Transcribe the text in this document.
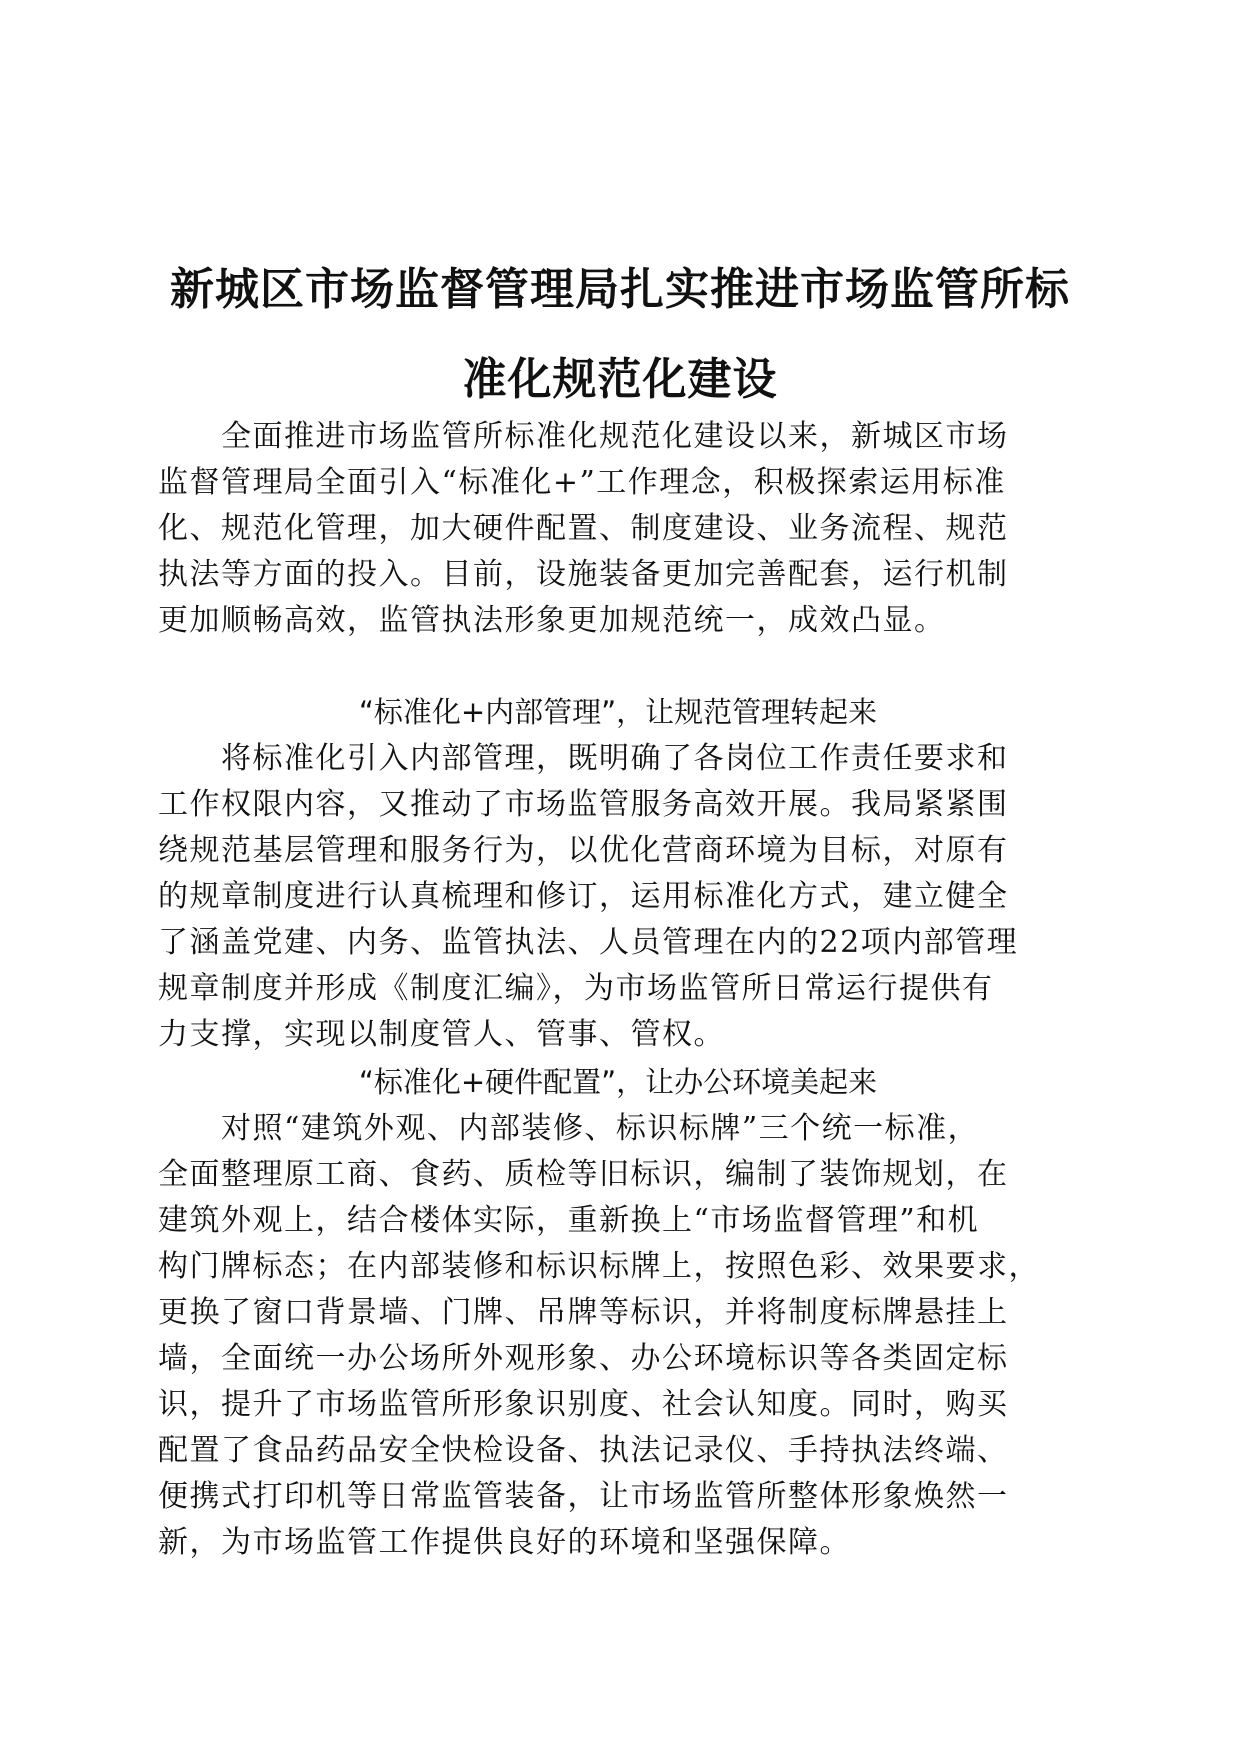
新城区市场监督管理局扎实推进市场监管所标
准化规范化建设
　　全面推进市场监管所标准化规范化建设以来，新城区市场
监督管理局全面引入“标准化+”工作理念，积极探索运用标准
化、规范化管理，加大硬件配置、制度建设、业务流程、规范
执法等方面的投入。目前，设施装备更加完善配套，运行机制
更加顺畅高效，监管执法形象更加规范统一，成效凸显。
“标准化+内部管理”，让规范管理转起来
　　将标准化引入内部管理，既明确了各岗位工作责任要求和
工作权限内容，又推动了市场监管服务高效开展。我局紧紧围
绕规范基层管理和服务行为，以优化营商环境为目标，对原有
的规章制度进行认真梳理和修订，运用标准化方式，建立健全
了涵盖党建、内务、监管执法、人员管理在内的22项内部管理
规章制度并形成《制度汇编》，为市场监管所日常运行提供有
力支撑，实现以制度管人、管事、管权。
“标准化+硬件配置”，让办公环境美起来
　　对照“建筑外观、内部装修、标识标牌”三个统一标准，
全面整理原工商、食药、质检等旧标识，编制了装饰规划，在
建筑外观上，结合楼体实际，重新换上“市场监督管理”和机
构门牌标态；在内部装修和标识标牌上，按照色彩、效果要求，
更换了窗口背景墙、门牌、吊牌等标识，并将制度标牌悬挂上
墙，全面统一办公场所外观形象、办公环境标识等各类固定标
识，提升了市场监管所形象识别度、社会认知度。同时，购买
配置了食品药品安全快检设备、执法记录仪、手持执法终端、
便携式打印机等日常监管装备，让市场监管所整体形象焕然一
新，为市场监管工作提供良好的环境和坚强保障。
